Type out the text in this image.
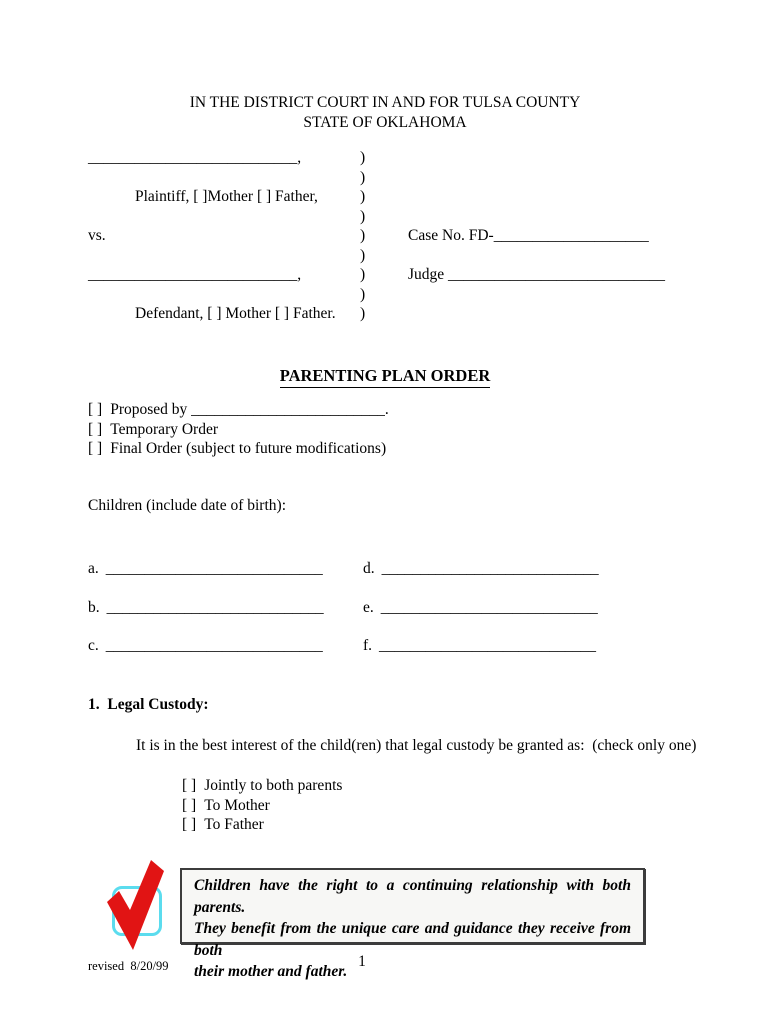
IN THE DISTRICT COURT IN AND FOR TULSA COUNTY
STATE OF OKLAHOMA
___________________________,	)
)
Plaintiff, [ ]Mother [ ] Father,	)
)
vs.	)	Case No. FD-____________________
)
___________________________,	)	Judge ____________________________
)
Defendant, [ ] Mother [ ] Father.	)
PARENTING PLAN ORDER
[ ] Proposed by _________________________.
[ ] Temporary Order
[ ] Final Order (subject to future modifications)
Children (include date of birth):
a. ____________________________	d. ____________________________
b. ____________________________	e. ____________________________
c. ____________________________	f. ____________________________
1.  Legal Custody:
It is in the best interest of the child(ren) that legal custody be granted as:  (check only one)
[ ] Jointly to both parents
[ ] To Mother
[ ] To Father
Children have the right to a continuing relationship with both parents.
They benefit from the unique care and guidance they receive from both
their mother and father.
revised  8/20/99	1
